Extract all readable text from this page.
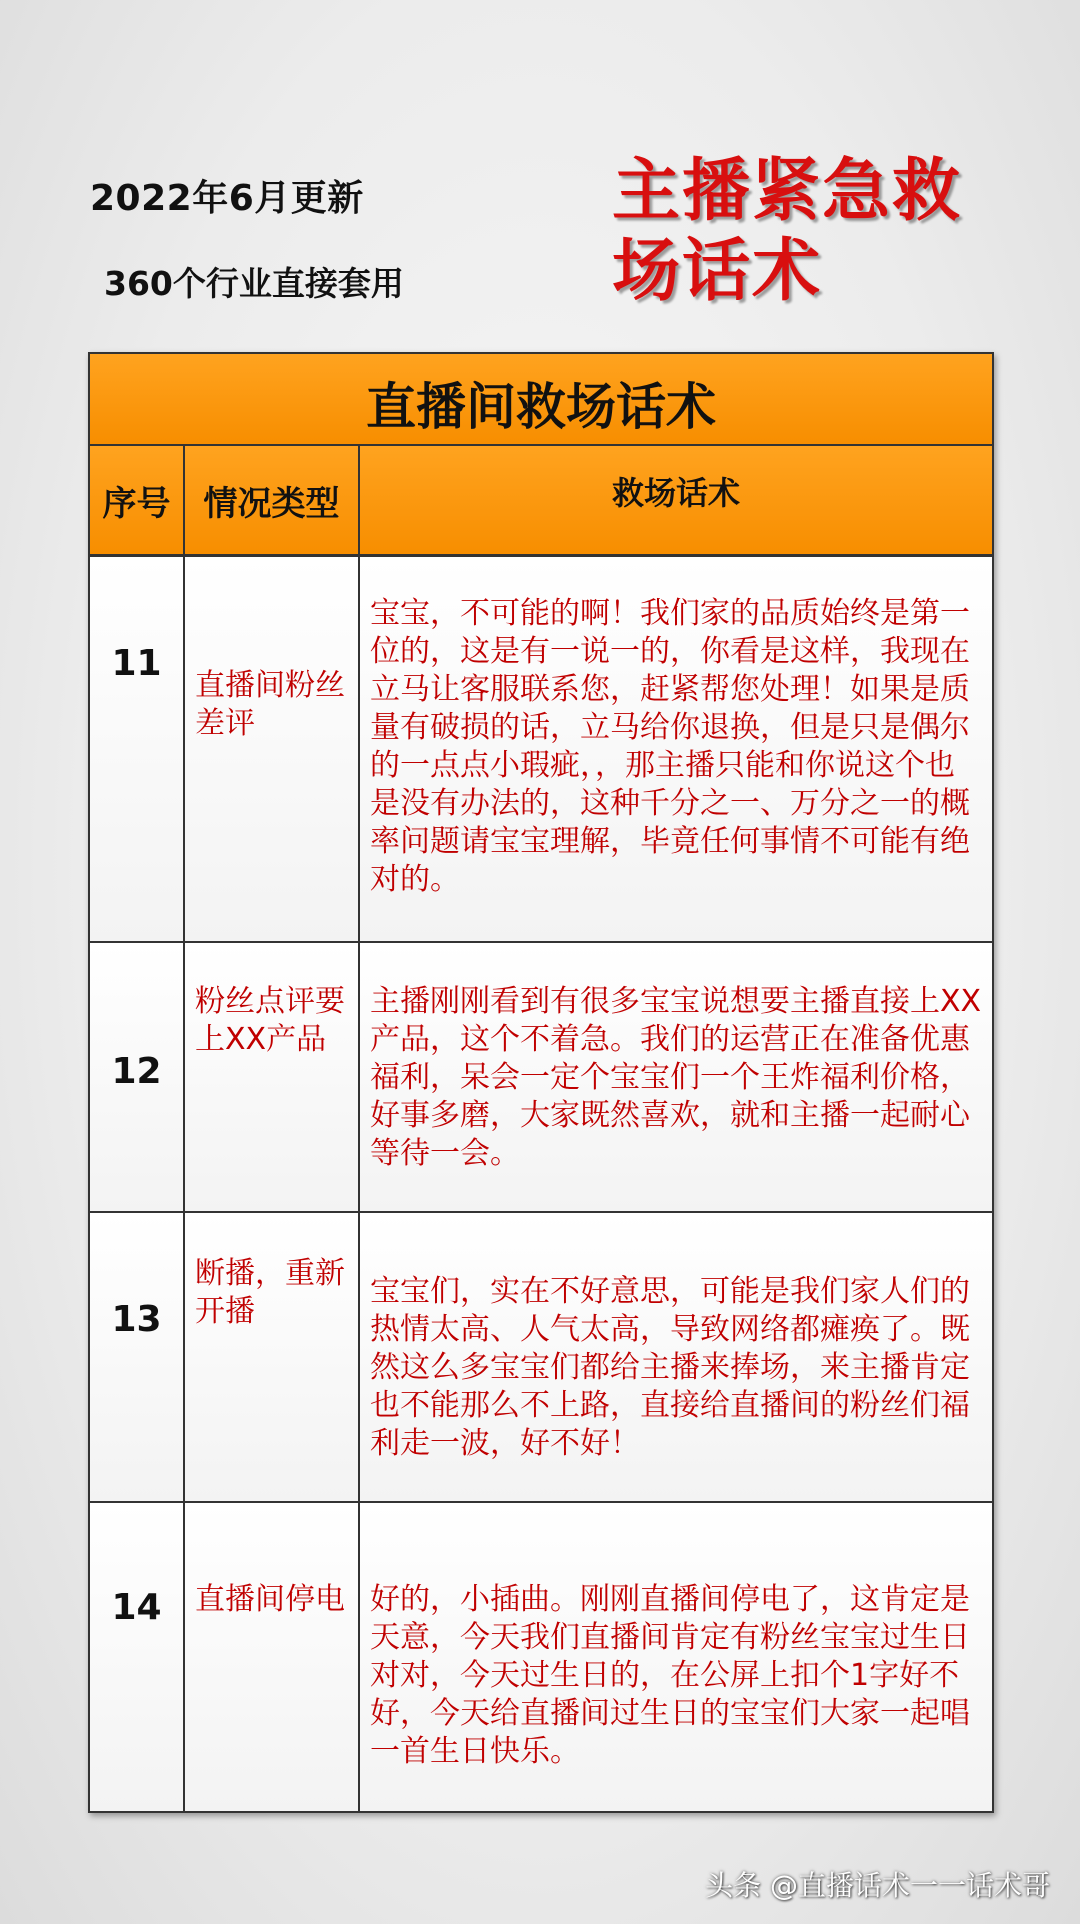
2022年6月更新
360个行业直接套用
主播紧急救
场话术
直播间救场话术
序号 情况类型	救场话术
11
直播间粉丝差评
宝宝，不可能的啊！我们家的品质始终是第一位的，这是有一说一的，你看是这样，我现在立马让客服联系您，赶紧帮您处理！如果是质量有破损的话，立马给你退换，但是只是偶尔的一点点小瑕疵，，那主播只能和你说这个也是没有办法的，这种千分之一、万分之一的概率问题请宝宝理解，毕竟任何事情不可能有绝对的。
12
粉丝点评要上XX产品
主播刚刚看到有很多宝宝说想要主播直接上XX产品，这个不着急。我们的运营正在准备优惠福利，呆会一定个宝宝们一个王炸福利价格，好事多磨，大家既然喜欢，就和主播一起耐心等待一会。
13
断播，重新开播
宝宝们，实在不好意思，可能是我们家人们的热情太高、人气太高，导致网络都瘫痪了。既然这么多宝宝们都给主播来捧场，来主播肯定也不能那么不上路，直接给直播间的粉丝们福利走一波，好不好！
14	直播间停电 好的，小插曲。刚刚直播间停电了，这肯定是天意，今天我们直播间肯定有粉丝宝宝过生日对对，今天过生日的，在公屏上扣个1字好不好，今天给直播间过生日的宝宝们大家一起唱一首生日快乐。
头条 @直播话术一一话术哥
